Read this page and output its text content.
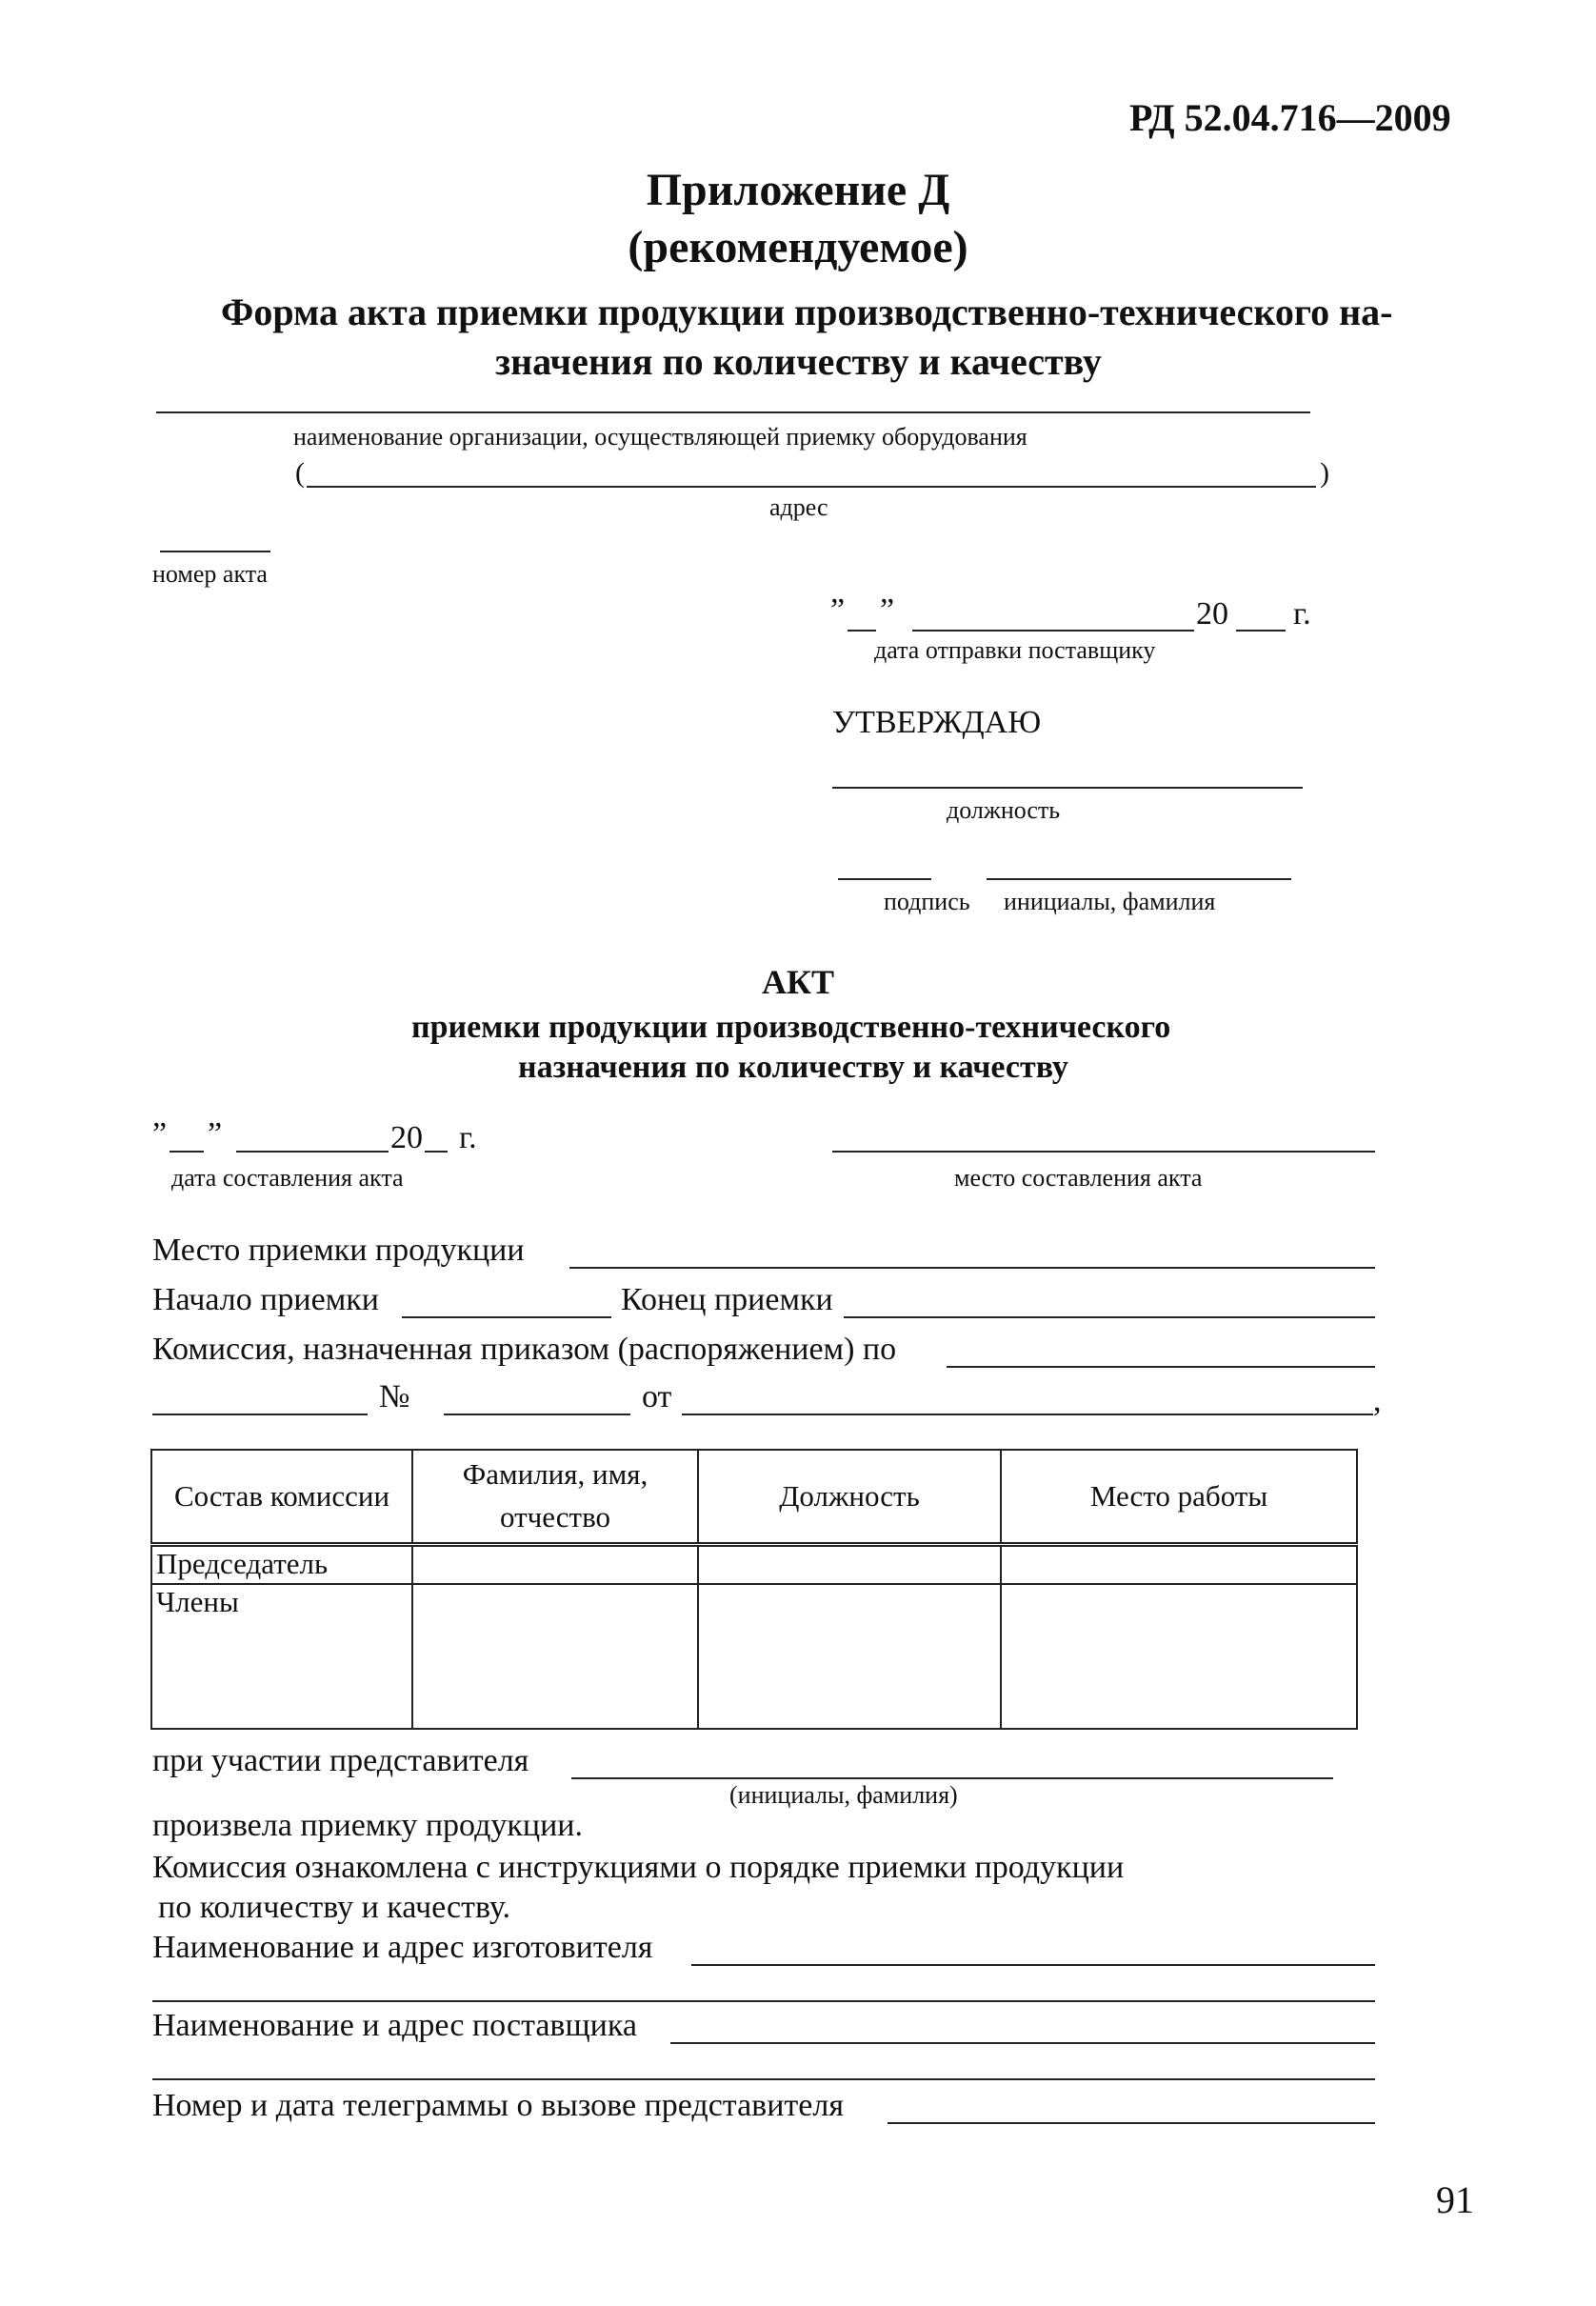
РД 52.04.716—2009
Приложение Д
(рекомендуемое)
Форма акта приемки продукции производственно-технического на-
значения по количеству и качеству
наименование организации, осуществляющей приемку оборудования
(	)
адрес
номер акта
” ”	20 г.
дата отправки поставщику
УТВЕРЖДАЮ
должность
подпись инициалы, фамилия
АКТ
приемки продукции производственно-технического
назначения по количеству и качеству
” ”	20 г.
дата составления акта	место составления акта
Место приемки продукции
Начало приемки	Конец приемки
Комиссия, назначенная приказом (распоряжением) по
№	от	,
Состав комиссии	Фамилия, имя, отчество	Должность	Место работы
Председатель			
Члены			
при участии представителя
(инициалы, фамилия)
произвела приемку продукции.
Комиссия ознакомлена с инструкциями о порядке приемки продукции
по количеству и качеству.
Наименование и адрес изготовителя
Наименование и адрес поставщика
Номер и дата телеграммы о вызове представителя
91
